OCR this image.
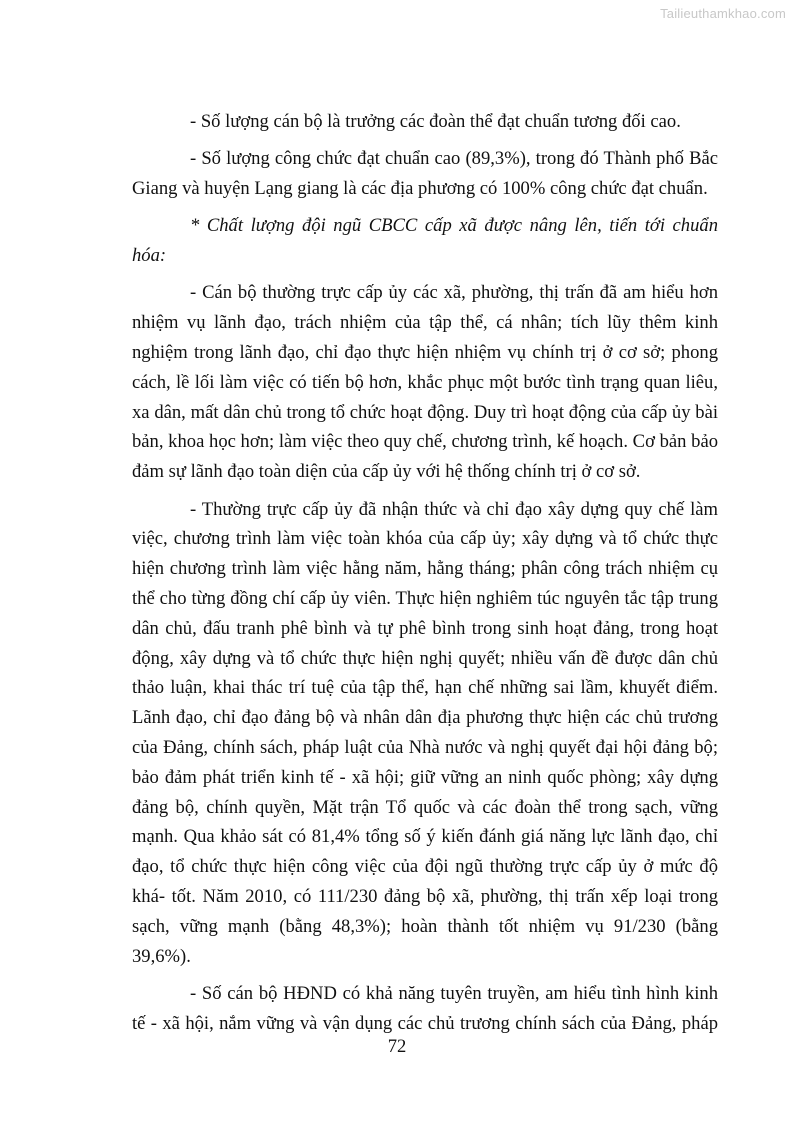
Tailieuthamkhao.com

- Số lượng cán bộ là trưởng các đoàn thể đạt chuẩn tương đối cao.

- Số lượng công chức đạt chuẩn cao (89,3%), trong đó Thành phố Bắc Giang và huyện Lạng giang là các địa phương có 100% công chức đạt chuẩn.

* Chất lượng đội ngũ CBCC cấp xã được nâng lên, tiến tới chuẩn hóa:

- Cán bộ thường trực cấp ủy các xã, phường, thị trấn đã am hiểu hơn nhiệm vụ lãnh đạo, trách nhiệm của tập thể, cá nhân; tích lũy thêm kinh nghiệm trong lãnh đạo, chỉ đạo thực hiện nhiệm vụ chính trị ở cơ sở; phong cách, lề lối làm việc có tiến bộ hơn, khắc phục một bước tình trạng quan liêu, xa dân, mất dân chủ trong tổ chức hoạt động. Duy trì hoạt động của cấp ủy bài bản, khoa học hơn; làm việc theo quy chế, chương trình, kế hoạch. Cơ bản bảo đảm sự lãnh đạo toàn diện của cấp ủy với hệ thống chính trị ở cơ sở.

- Thường trực cấp ủy đã nhận thức và chỉ đạo xây dựng quy chế làm việc, chương trình làm việc toàn khóa của cấp ủy; xây dựng và tổ chức thực hiện chương trình làm việc hằng năm, hằng tháng; phân công trách nhiệm cụ thể cho từng đồng chí cấp ủy viên. Thực hiện nghiêm túc nguyên tắc tập trung dân chủ, đấu tranh phê bình và tự phê bình trong sinh hoạt đảng, trong hoạt động, xây dựng và tổ chức thực hiện nghị quyết; nhiều vấn đề được dân chủ thảo luận, khai thác trí tuệ của tập thể, hạn chế những sai lầm, khuyết điểm. Lãnh đạo, chỉ đạo đảng bộ và nhân dân địa phương thực hiện các chủ trương của Đảng, chính sách, pháp luật của Nhà nước và nghị quyết đại hội đảng bộ; bảo đảm phát triển kinh tế - xã hội; giữ vững an ninh quốc phòng; xây dựng đảng bộ, chính quyền, Mặt trận Tổ quốc và các đoàn thể trong sạch, vững mạnh. Qua khảo sát có 81,4% tổng số ý kiến đánh giá năng lực lãnh đạo, chỉ đạo, tổ chức thực hiện công việc của đội ngũ thường trực cấp ủy ở mức độ khá- tốt. Năm 2010, có 111/230 đảng bộ xã, phường, thị trấn xếp loại trong sạch, vững mạnh (bằng 48,3%); hoàn thành tốt nhiệm vụ 91/230 (bằng 39,6%).

- Số cán bộ HĐND có khả năng tuyên truyền, am hiểu tình hình kinh tế - xã hội, nắm vững và vận dụng các chủ trương chính sách của Đảng, pháp

72
